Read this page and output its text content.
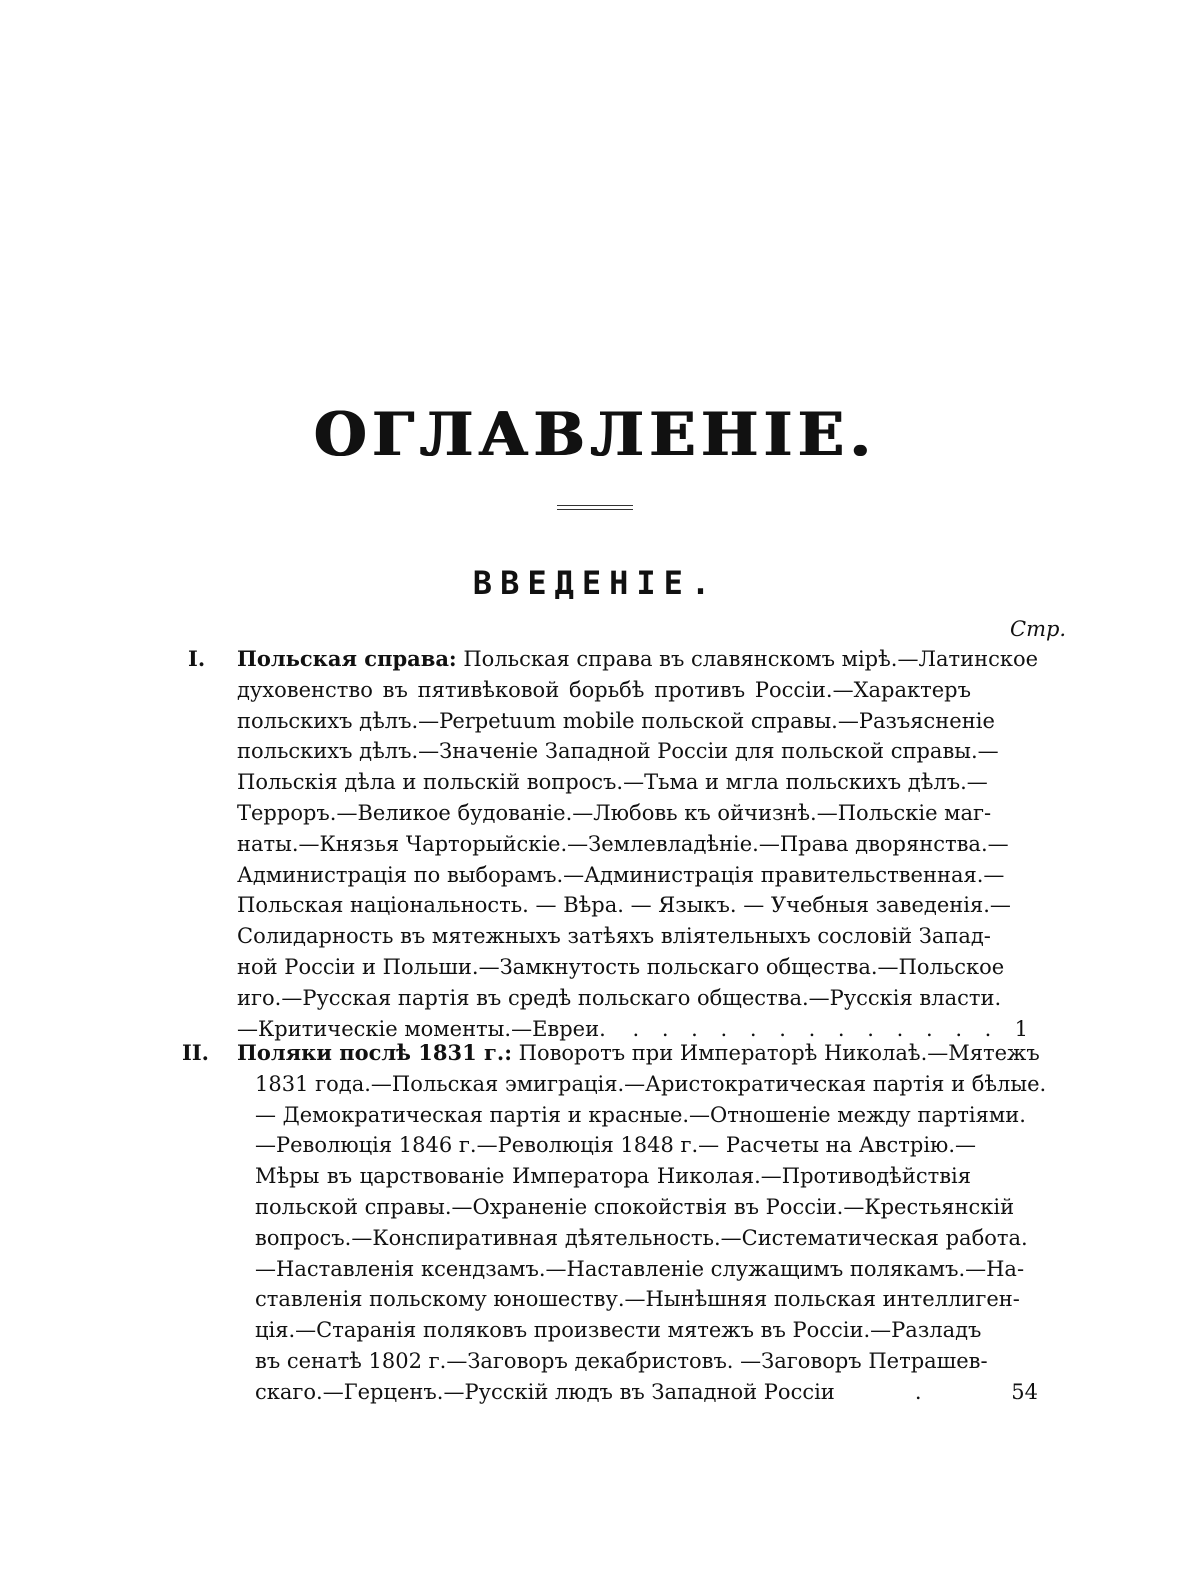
ОГЛАВЛЕНІЕ.
ВВЕДЕНІЕ.
Стр.
I. Польская справа: Польская справа въ славянскомъ мірѣ.—Латинское
духовенство въ пятивѣковой борьбѣ противъ Россіи.—Характеръ
польскихъ дѣлъ.—Perpetuum mobile польской справы.—Разъясненіе
польскихъ дѣлъ.—Значеніе Западной Россіи для польской справы.—
Польскія дѣла и польскій вопросъ.—Тьма и мгла польскихъ дѣлъ.—
Терроръ.—Великое будованіе.—Любовь къ ойчизнѣ.—Польскіе маг-
наты.—Князья Чарторыйскіе.—Землевладѣніе.—Права дворянства.—
Администрація по выборамъ.—Администрація правительственная.—
Польская національность. — Вѣра. — Языкъ. — Учебныя заведенія.—
Солидарность въ мятежныхъ затѣяхъ вліятельныхъ сословій Запад-
ной Россіи и Польши.—Замкнутость польскаго общества.—Польское
иго.—Русская партія въ средѣ польскаго общества.—Русскія власти.
—Критическіе моменты.—Евреи. . . . . . . . . . . . . . 1
II. Поляки послѣ 1831 г.: Поворотъ при Императорѣ Николаѣ.—Мятежъ
1831 года.—Польская эмиграція.—Аристократическая партія и бѣлые.
— Демократическая партія и красные.—Отношеніе между партіями.
—Революція 1846 г.—Революція 1848 г.— Расчеты на Австрію.—
Мѣры въ царствованіе Императора Николая.—Противодѣйствія
польской справы.—Охраненіе спокойствія въ Россіи.—Крестьянскій
вопросъ.—Конспиративная дѣятельность.—Систематическая работа.
—Наставленія ксендзамъ.—Наставленіе служащимъ полякамъ.—На-
ставленія польскому юношеству.—Нынѣшняя польская интеллиген-
ція.—Старанія поляковъ произвести мятежъ въ Россіи.—Разладъ
въ сенатѣ 1802 г.—Заговоръ декабристовъ. —Заговоръ Петрашев-
скаго.—Герценъ.—Русскій людъ въ Западной Россіи	.	54
